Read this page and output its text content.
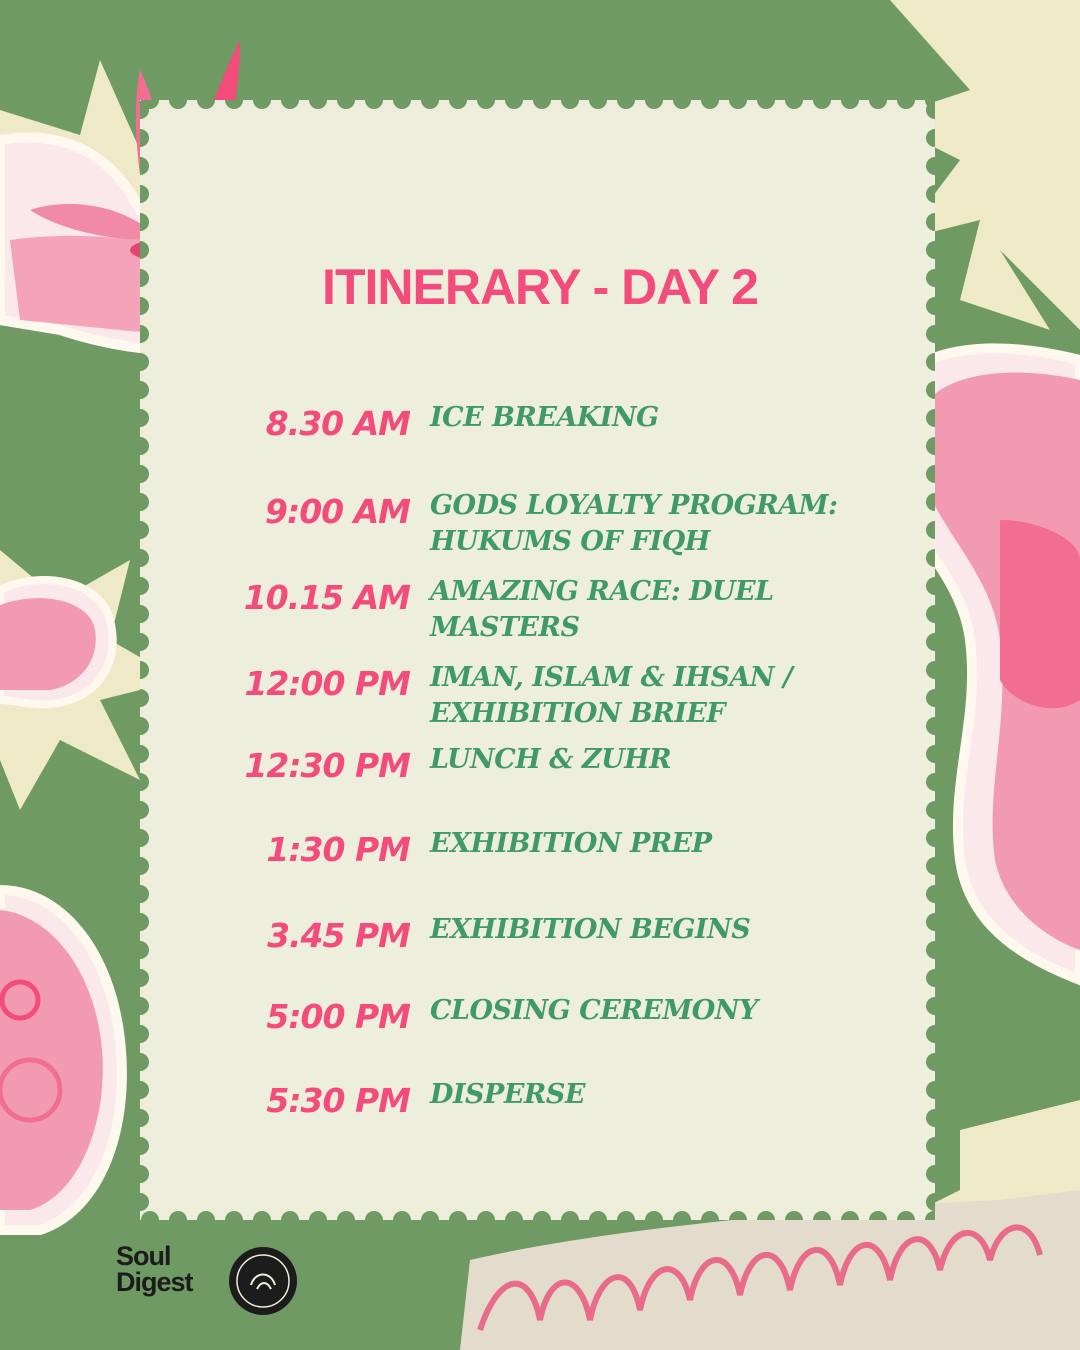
ITINERARY - DAY 2
8.30 AM ICE BREAKING
9:00 AM GODS LOYALTY PROGRAM: HUKUMS OF FIQH
10.15 AM AMAZING RACE: DUEL MASTERS
12:00 PM IMAN, ISLAM & IHSAN / EXHIBITION BRIEF
12:30 PM LUNCH & ZUHR
1:30 PM EXHIBITION PREP
3.45 PM EXHIBITION BEGINS
5:00 PM CLOSING CEREMONY
5:30 PM DISPERSE
Soul
Digest
